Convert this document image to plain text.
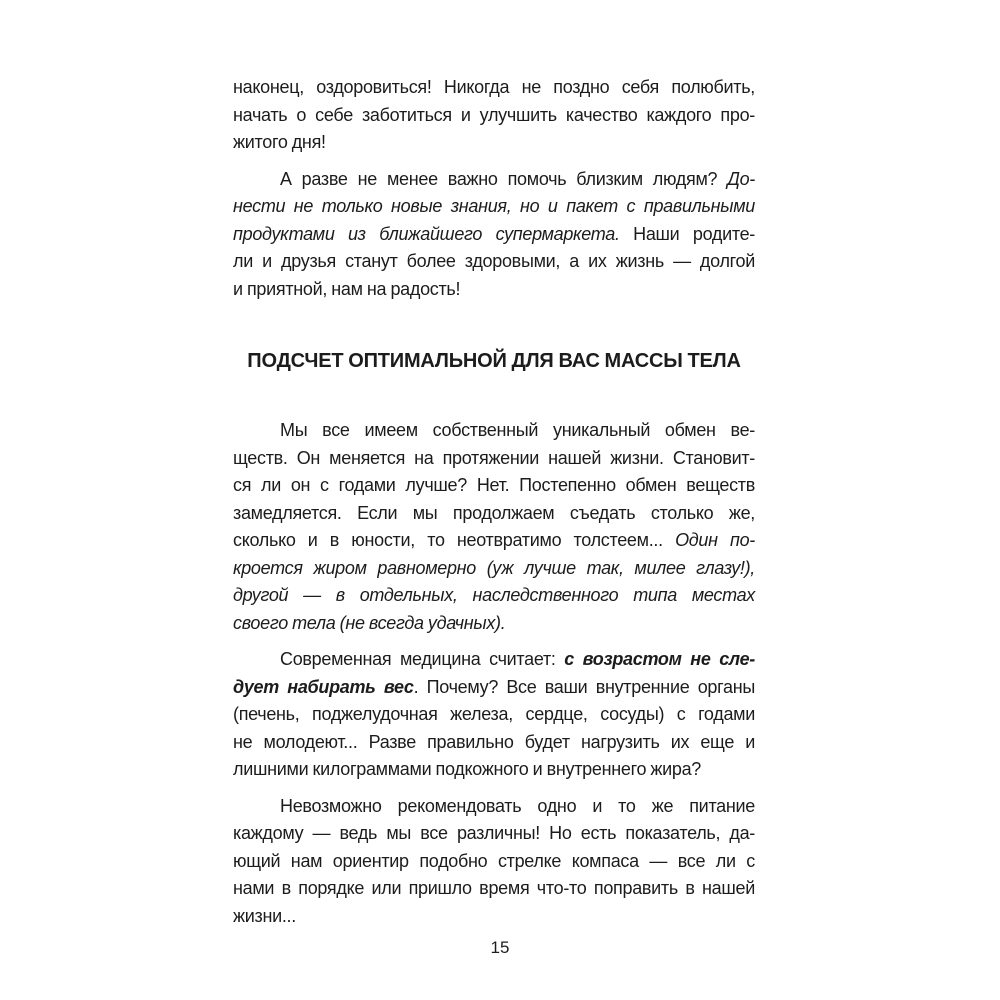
наконец, оздоровиться! Никогда не поздно себя полюбить,
начать о себе заботиться и улучшить качество каждого про-
житого дня!

А разве не менее важно помочь близким людям? До-
нести не только новые знания, но и пакет с правильными
продуктами из ближайшего супермаркета. Наши родите-
ли и друзья станут более здоровыми, а их жизнь — долгой
и приятной, нам на радость!

ПОДСЧЕТ ОПТИМАЛЬНОЙ ДЛЯ ВАС МАССЫ ТЕЛА

Мы все имеем собственный уникальный обмен ве-
ществ. Он меняется на протяжении нашей жизни. Становит-
ся ли он с годами лучше? Нет. Постепенно обмен веществ
замедляется. Если мы продолжаем съедать столько же,
сколько и в юности, то неотвратимо толстеем... Один по-
кроется жиром равномерно (уж лучше так, милее глазу!),
другой — в отдельных, наследственного типа местах
своего тела (не всегда удачных).

Современная медицина считает: с возрастом не сле-
дует набирать вес. Почему? Все ваши внутренние органы
(печень, поджелудочная железа, сердце, сосуды) с годами
не молодеют... Разве правильно будет нагрузить их еще и
лишними килограммами подкожного и внутреннего жира?

Невозможно рекомендовать одно и то же питание
каждому — ведь мы все различны! Но есть показатель, да-
ющий нам ориентир подобно стрелке компаса — все ли с
нами в порядке или пришло время что-то поправить в нашей
жизни...

15
